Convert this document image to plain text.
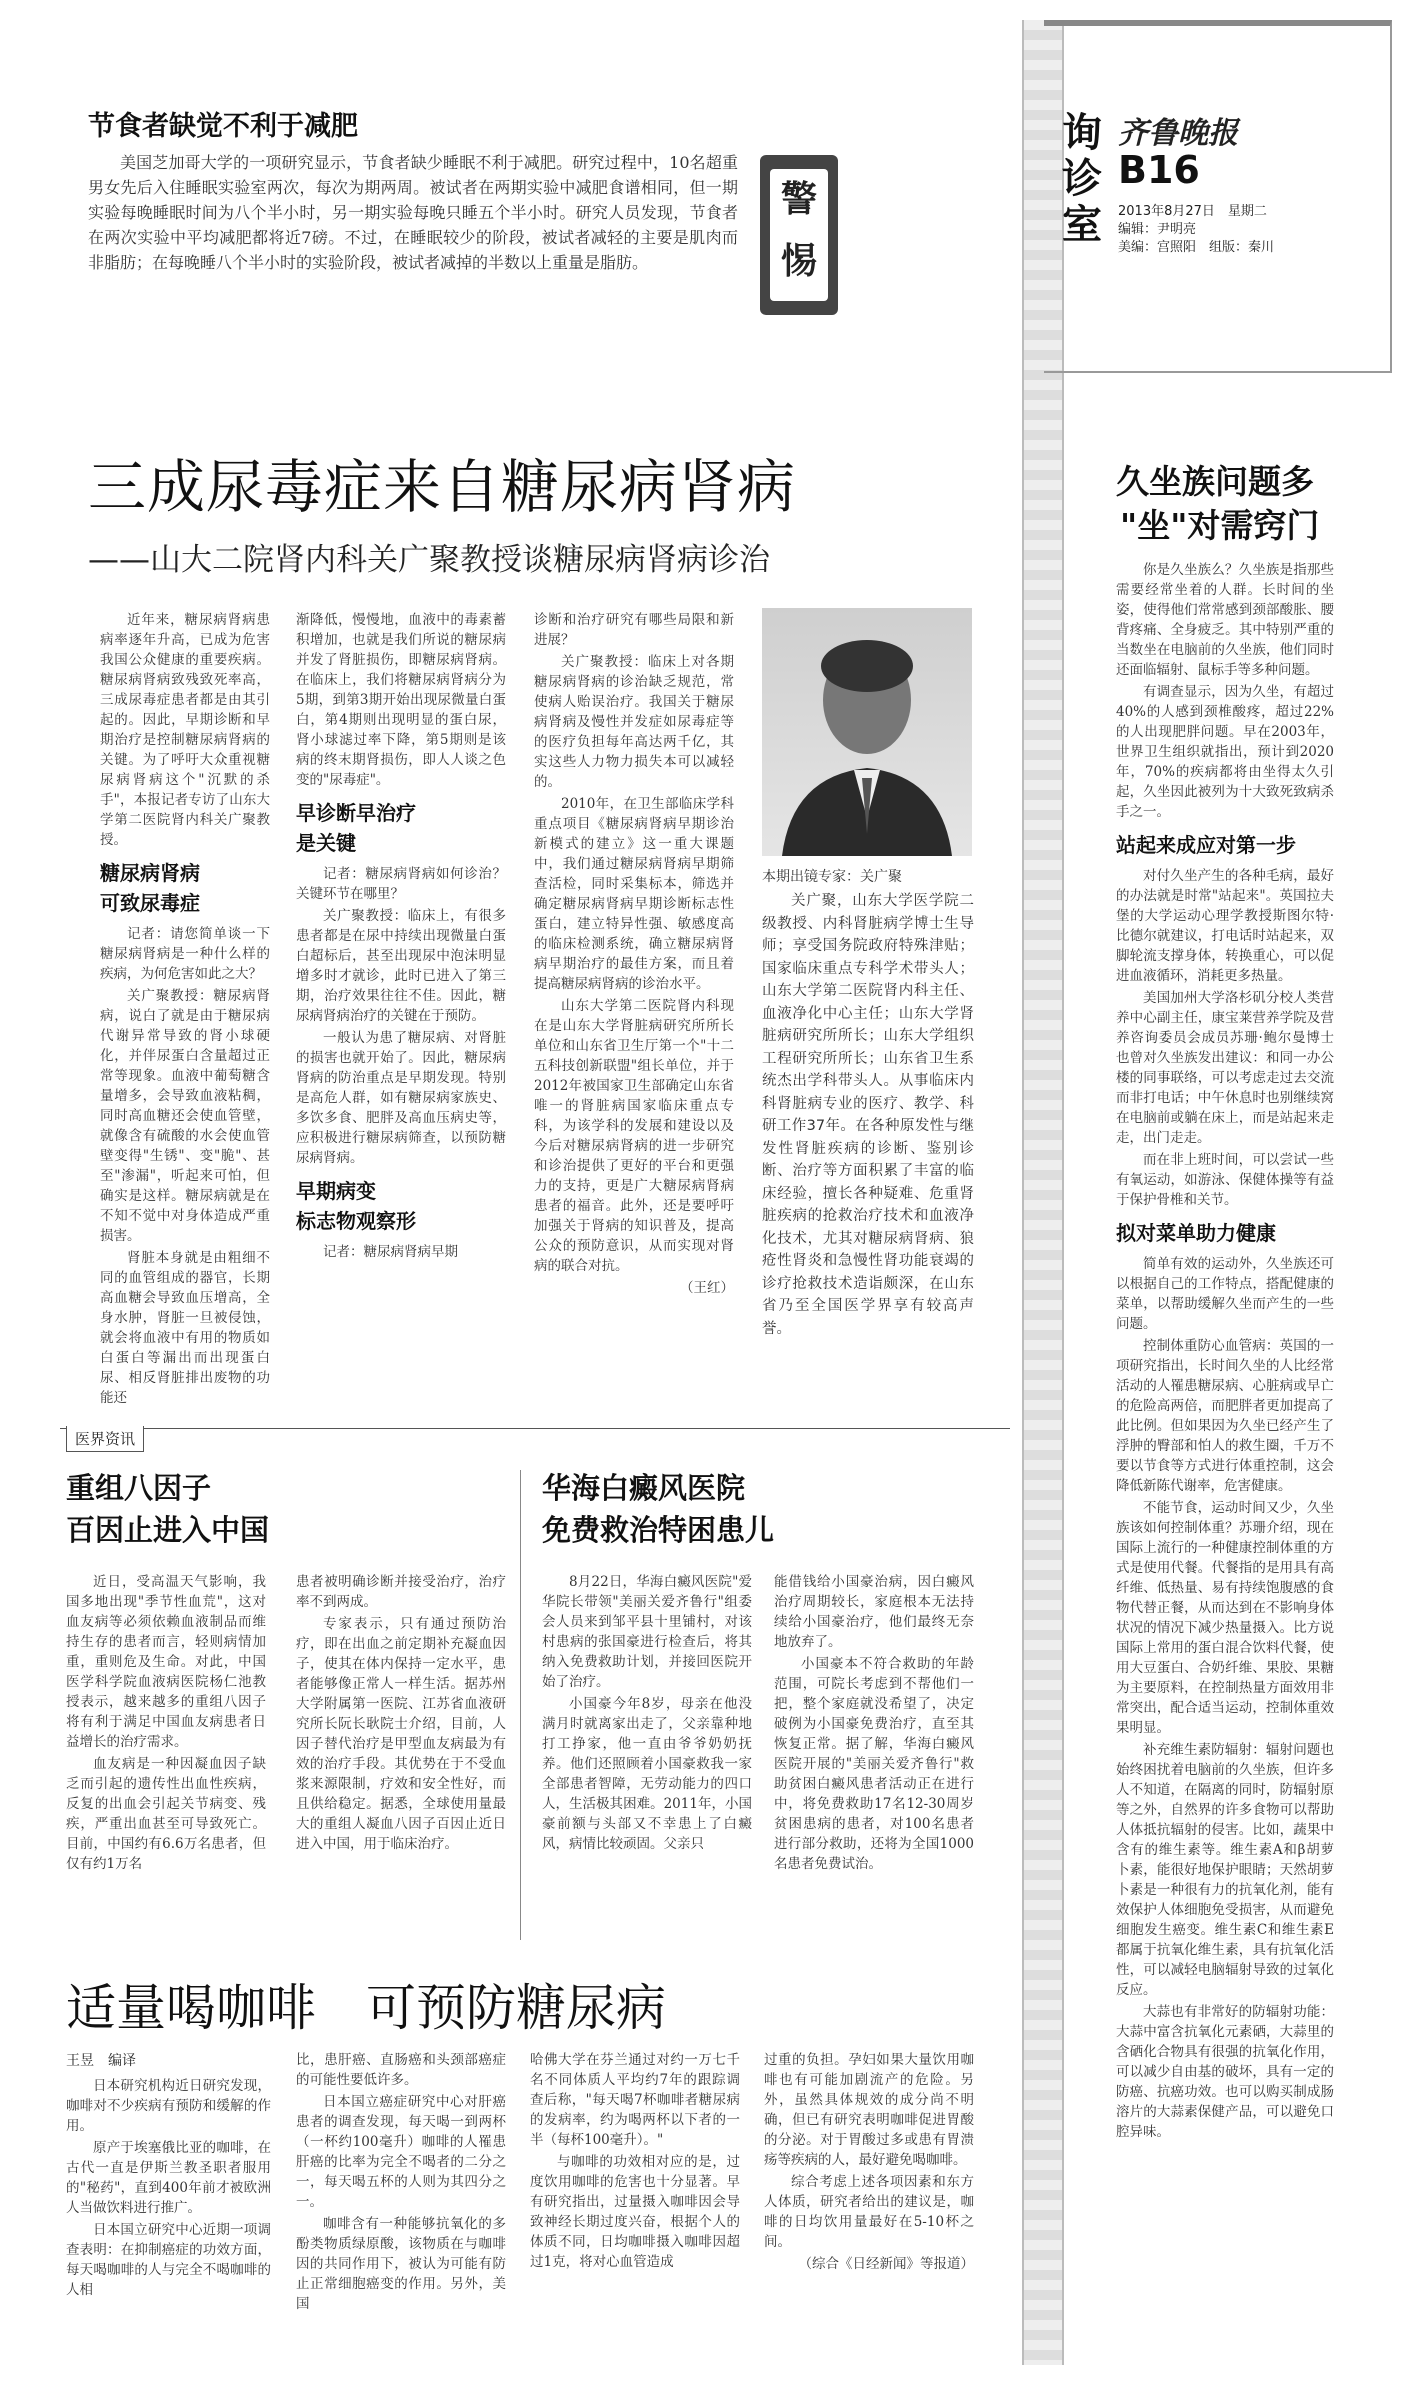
询诊室
齐鲁晚报
B16
2013年8月27日　星期二
编辑：尹明亮
美编：宫照阳　组版：秦川
警惕
节食者缺觉不利于减肥

美国芝加哥大学的一项研究显示，节食者缺少睡眠不利于减肥。研究过程中，10名超重男女先后入住睡眠实验室两次，每次为期两周。被试者在两期实验中减肥食谱相同，但一期实验每晚睡眠时间为八个半小时，另一期实验每晚只睡五个半小时。研究人员发现，节食者在两次实验中平均减肥都将近7磅。不过，在睡眠较少的阶段，被试者减轻的主要是肌肉而非脂肪；在每晚睡八个半小时的实验阶段，被试者减掉的半数以上重量是脂肪。

三成尿毒症来自糖尿病肾病
——山大二院肾内科关广聚教授谈糖尿病肾病诊治

近年来，糖尿病肾病患病率逐年升高，已成为危害我国公众健康的重要疾病。糖尿病肾病致残致死率高，三成尿毒症患者都是由其引起的。因此，早期诊断和早期治疗是控制糖尿病肾病的关键。为了呼吁大众重视糖尿病肾病这个"沉默的杀手"，本报记者专访了山东大学第二医院肾内科关广聚教授。

糖尿病肾病

可致尿毒症

记者：请您简单谈一下糖尿病肾病是一种什么样的疾病，为何危害如此之大？

关广聚教授：糖尿病肾病，说白了就是由于糖尿病代谢异常导致的肾小球硬化，并伴尿蛋白含量超过正常等现象。血液中葡萄糖含量增多，会导致血液粘稠，同时高血糖还会使血管壁，就像含有硫酸的水会使血管壁变得"生锈"、变"脆"、甚至"渗漏"，听起来可怕，但确实是这样。糖尿病就是在不知不觉中对身体造成严重损害。

肾脏本身就是由粗细不同的血管组成的器官，长期高血糖会导致血压增高，全身水肿，肾脏一旦被侵蚀，就会将血液中有用的物质如白蛋白等漏出而出现蛋白尿、相反肾脏排出废物的功能还

渐降低，慢慢地，血液中的毒素蓄积增加，也就是我们所说的糖尿病并发了肾脏损伤，即糖尿病肾病。在临床上，我们将糖尿病肾病分为5期，到第3期开始出现尿微量白蛋白，第4期则出现明显的蛋白尿，肾小球滤过率下降，第5期则是该病的终末期肾损伤，即人人谈之色变的"尿毒症"。

早诊断早治疗

是关键

记者：糖尿病肾病如何诊治？关键环节在哪里？

关广聚教授：临床上，有很多患者都是在尿中持续出现微量白蛋白超标后，甚至出现尿中泡沫明显增多时才就诊，此时已进入了第三期，治疗效果往往不佳。因此，糖尿病肾病治疗的关键在于预防。

一般认为患了糖尿病、对肾脏的损害也就开始了。因此，糖尿病肾病的防治重点是早期发现。特别是高危人群，如有糖尿病家族史、多饮多食、肥胖及高血压病史等，应积极进行糖尿病筛查，以预防糖尿病肾病。

早期病变

标志物观察形

记者：糖尿病肾病早期

诊断和治疗研究有哪些局限和新进展？

关广聚教授：临床上对各期糖尿病肾病的诊治缺乏规范，常使病人贻误治疗。我国关于糖尿病肾病及慢性并发症如尿毒症等的医疗负担每年高达两千亿，其实这些人力物力损失本可以减轻的。

2010年，在卫生部临床学科重点项目《糖尿病肾病早期诊治新模式的建立》这一重大课题中，我们通过糖尿病肾病早期筛查活检，同时采集标本，筛选并确定糖尿病肾病早期诊断标志性蛋白，建立特异性强、敏感度高的临床检测系统，确立糖尿病肾病早期治疗的最佳方案，而且着提高糖尿病肾病的诊治水平。

山东大学第二医院肾内科现在是山东大学肾脏病研究所所长单位和山东省卫生厅第一个"十二五科技创新联盟"组长单位，并于2012年被国家卫生部确定山东省唯一的肾脏病国家临床重点专科，为该学科的发展和建设以及今后对糖尿病肾病的进一步研究和诊治提供了更好的平台和更强力的支持，更是广大糖尿病肾病患者的福音。此外，还是要呼吁加强关于肾病的知识普及，提高公众的预防意识，从而实现对肾病的联合对抗。

（王红）

本期出镜专家：关广聚

关广聚，山东大学医学院二级教授、内科肾脏病学博士生导师；享受国务院政府特殊津贴；国家临床重点专科学术带头人；山东大学第二医院肾内科主任、血液净化中心主任；山东大学肾脏病研究所所长；山东大学组织工程研究所所长；山东省卫生系统杰出学科带头人。从事临床内科肾脏病专业的医疗、教学、科研工作37年。在各种原发性与继发性肾脏疾病的诊断、鉴别诊断、治疗等方面积累了丰富的临床经验，擅长各种疑难、危重肾脏疾病的抢救治疗技术和血液净化技术，尤其对糖尿病肾病、狼疮性肾炎和急慢性肾功能衰竭的诊疗抢救技术造诣颇深，在山东省乃至全国医学界享有较高声誉。

医界资讯
重组八因子
百因止进入中国

近日，受高温天气影响，我国多地出现"季节性血荒"，这对血友病等必须依赖血液制品而维持生存的患者而言，轻则病情加重，重则危及生命。对此，中国医学科学院血液病医院杨仁池教授表示，越来越多的重组八因子将有利于满足中国血友病患者日益增长的治疗需求。

血友病是一种因凝血因子缺乏而引起的遗传性出血性疾病，反复的出血会引起关节病变、残疾，严重出血甚至可导致死亡。目前，中国约有6.6万名患者，但仅有约1万名

患者被明确诊断并接受治疗，治疗率不到两成。

专家表示，只有通过预防治疗，即在出血之前定期补充凝血因子，使其在体内保持一定水平，患者能够像正常人一样生活。据苏州大学附属第一医院、江苏省血液研究所长阮长耿院士介绍，目前，人因子替代治疗是甲型血友病最为有效的治疗手段。其优势在于不受血浆来源限制，疗效和安全性好，而且供给稳定。据悉，全球使用量最大的重组人凝血八因子百因止近日进入中国，用于临床治疗。

华海白癜风医院
免费救治特困患儿

8月22日，华海白癜风医院"爱华院长带领"美丽关爱齐鲁行"组委会人员来到邹平县十里铺村，对该村患病的张国豪进行检查后，将其纳入免费救助计划，并接回医院开始了治疗。

小国豪今年8岁，母亲在他没满月时就离家出走了，父亲靠种地打工挣家，他一直由爷爷奶奶抚养。他们还照顾着小国豪救我一家全部患者智障，无劳动能力的四口人，生活极其困难。2011年，小国豪前额与头部又不幸患上了白癜风，病情比较顽固。父亲只

能借钱给小国豪治病，因白癜风治疗周期较长，家庭根本无法持续给小国豪治疗，他们最终无奈地放弃了。

小国豪本不符合救助的年龄范围，可院长考虑到不帮他们一把，整个家庭就没希望了，决定破例为小国豪免费治疗，直至其恢复正常。据了解，华海白癜风医院开展的"美丽关爱齐鲁行"救助贫困白癜风患者活动正在进行中，将免费救助17名12-30周岁贫困患病的患者，对100名患者进行部分救助，还将为全国1000名患者免费试治。

适量喝咖啡　可预防糖尿病
王昱　编译

日本研究机构近日研究发现，咖啡对不少疾病有预防和缓解的作用。

原产于埃塞俄比亚的咖啡，在古代一直是伊斯兰教圣职者服用的"秘药"，直到400年前才被欧洲人当做饮料进行推广。

日本国立研究中心近期一项调查表明：在抑制癌症的功效方面，每天喝咖啡的人与完全不喝咖啡的人相

比，患肝癌、直肠癌和头颈部癌症的可能性要低许多。

日本国立癌症研究中心对肝癌患者的调查发现，每天喝一到两杯（一杯约100毫升）咖啡的人罹患肝癌的比率为完全不喝者的二分之一，每天喝五杯的人则为其四分之一。

咖啡含有一种能够抗氧化的多酚类物质绿原酸，该物质在与咖啡因的共同作用下，被认为可能有防止正常细胞癌变的作用。另外，美国

哈佛大学在芬兰通过对约一万七千名不同体质人平均约7年的跟踪调查后称，"每天喝7杯咖啡者糖尿病的发病率，约为喝两杯以下者的一半（每杯100毫升）。"

与咖啡的功效相对应的是，过度饮用咖啡的危害也十分显著。早有研究指出，过量摄入咖啡因会导致神经长期过度兴奋，根据个人的体质不同，日均咖啡摄入咖啡因超过1克，将对心血管造成

过重的负担。孕妇如果大量饮用咖啡也有可能加剧流产的危险。另外，虽然具体规效的成分尚不明确，但已有研究表明咖啡促进胃酸的分泌。对于胃酸过多或患有胃溃疡等疾病的人，最好避免喝咖啡。

综合考虑上述各项因素和东方人体质，研究者给出的建议是，咖啡的日均饮用量最好在5-10杯之间。

（综合《日经新闻》等报道）

久坐族问题多
"坐"对需窍门

你是久坐族么？久坐族是指那些需要经常坐着的人群。长时间的坐姿，使得他们常常感到颈部酸胀、腰背疼痛、全身疲乏。其中特别严重的当数坐在电脑前的久坐族，他们同时还面临辐射、鼠标手等多种问题。

有调查显示，因为久坐，有超过40%的人感到颈椎酸疼，超过22%的人出现肥胖问题。早在2003年，世界卫生组织就指出，预计到2020年，70%的疾病都将由坐得太久引起，久坐因此被列为十大致死致病杀手之一。

站起来成应对第一步

对付久坐产生的各种毛病，最好的办法就是时常"站起来"。英国拉夫堡的大学运动心理学教授斯图尔特·比德尔就建议，打电话时站起来，双脚轮流支撑身体，转换重心，可以促进血液循环，消耗更多热量。

美国加州大学洛杉矶分校人类营养中心副主任，康宝莱营养学院及营养咨询委员会成员苏珊·鲍尔曼博士也曾对久坐族发出建议：和同一办公楼的同事联络，可以考虑走过去交流而非打电话；中午休息时也别继续窝在电脑前或躺在床上，而是站起来走走，出门走走。

而在非上班时间，可以尝试一些有氧运动，如游泳、保健体操等有益于保护骨椎和关节。

拟对菜单助力健康

简单有效的运动外，久坐族还可以根据自己的工作特点，搭配健康的菜单，以帮助缓解久坐而产生的一些问题。

控制体重防心血管病：英国的一项研究指出，长时间久坐的人比经常活动的人罹患糖尿病、心脏病或早亡的危险高两倍，而肥胖者更加提高了此比例。但如果因为久坐已经产生了浮肿的臀部和怕人的救生圈，千万不要以节食等方式进行体重控制，这会降低新陈代谢率，危害健康。

不能节食，运动时间又少，久坐族该如何控制体重？苏珊介绍，现在国际上流行的一种健康控制体重的方式是使用代餐。代餐指的是用具有高纤维、低热量、易有持续饱腹感的食物代替正餐，从而达到在不影响身体状况的情况下减少热量摄入。比方说国际上常用的蛋白混合饮料代餐，使用大豆蛋白、合奶纤维、果胶、果糖为主要原料，在控制热量方面效用非常突出，配合适当运动，控制体重效果明显。

补充维生素防辐射：辐射问题也始终困扰着电脑前的久坐族，但许多人不知道，在隔离的同时，防辐射原等之外，自然界的许多食物可以帮助人体抵抗辐射的侵害。比如，蔬果中含有的维生素等。维生素A和β胡萝卜素，能很好地保护眼睛；天然胡萝卜素是一种很有力的抗氧化剂，能有效保护人体细胞免受损害，从而避免细胞发生癌变。维生素C和维生素E都属于抗氧化维生素，具有抗氧化活性，可以减轻电脑辐射导致的过氧化反应。

大蒜也有非常好的防辐射功能：大蒜中富含抗氧化元素硒，大蒜里的含硒化合物具有很强的抗氧化作用，可以减少自由基的破坏，具有一定的防癌、抗癌功效。也可以购买制成肠溶片的大蒜素保健产品，可以避免口腔异味。
